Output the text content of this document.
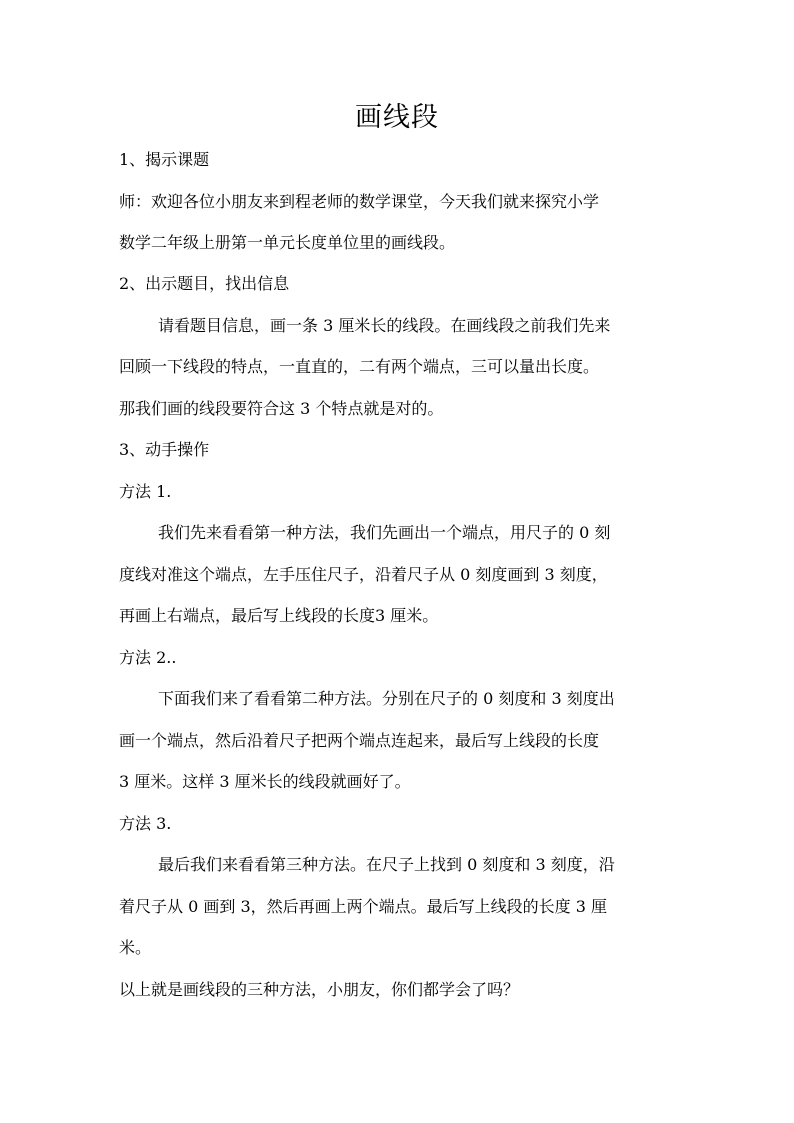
画线段

1、揭示课题

师：欢迎各位小朋友来到程老师的数学课堂，今天我们就来探究小学

数学二年级上册第一单元长度单位里的画线段。

2、出示题目，找出信息

请看题目信息，画一条 3 厘米长的线段。在画线段之前我们先来

回顾一下线段的特点，一直直的，二有两个端点，三可以量出长度。

那我们画的线段要符合这 3 个特点就是对的。

3、动手操作

方法 1.

我们先来看看第一种方法，我们先画出一个端点，用尺子的 0 刻

度线对准这个端点，左手压住尺子，沿着尺子从 0 刻度画到 3 刻度，

再画上右端点，最后写上线段的长度3 厘米。

方法 2..

下面我们来了看看第二种方法。分别在尺子的 0 刻度和 3 刻度出

画一个端点，然后沿着尺子把两个端点连起来，最后写上线段的长度

3 厘米。这样 3 厘米长的线段就画好了。

方法 3.

最后我们来看看第三种方法。在尺子上找到 0 刻度和 3 刻度，沿

着尺子从 0 画到 3，然后再画上两个端点。最后写上线段的长度 3 厘

米。

以上就是画线段的三种方法，小朋友，你们都学会了吗？
